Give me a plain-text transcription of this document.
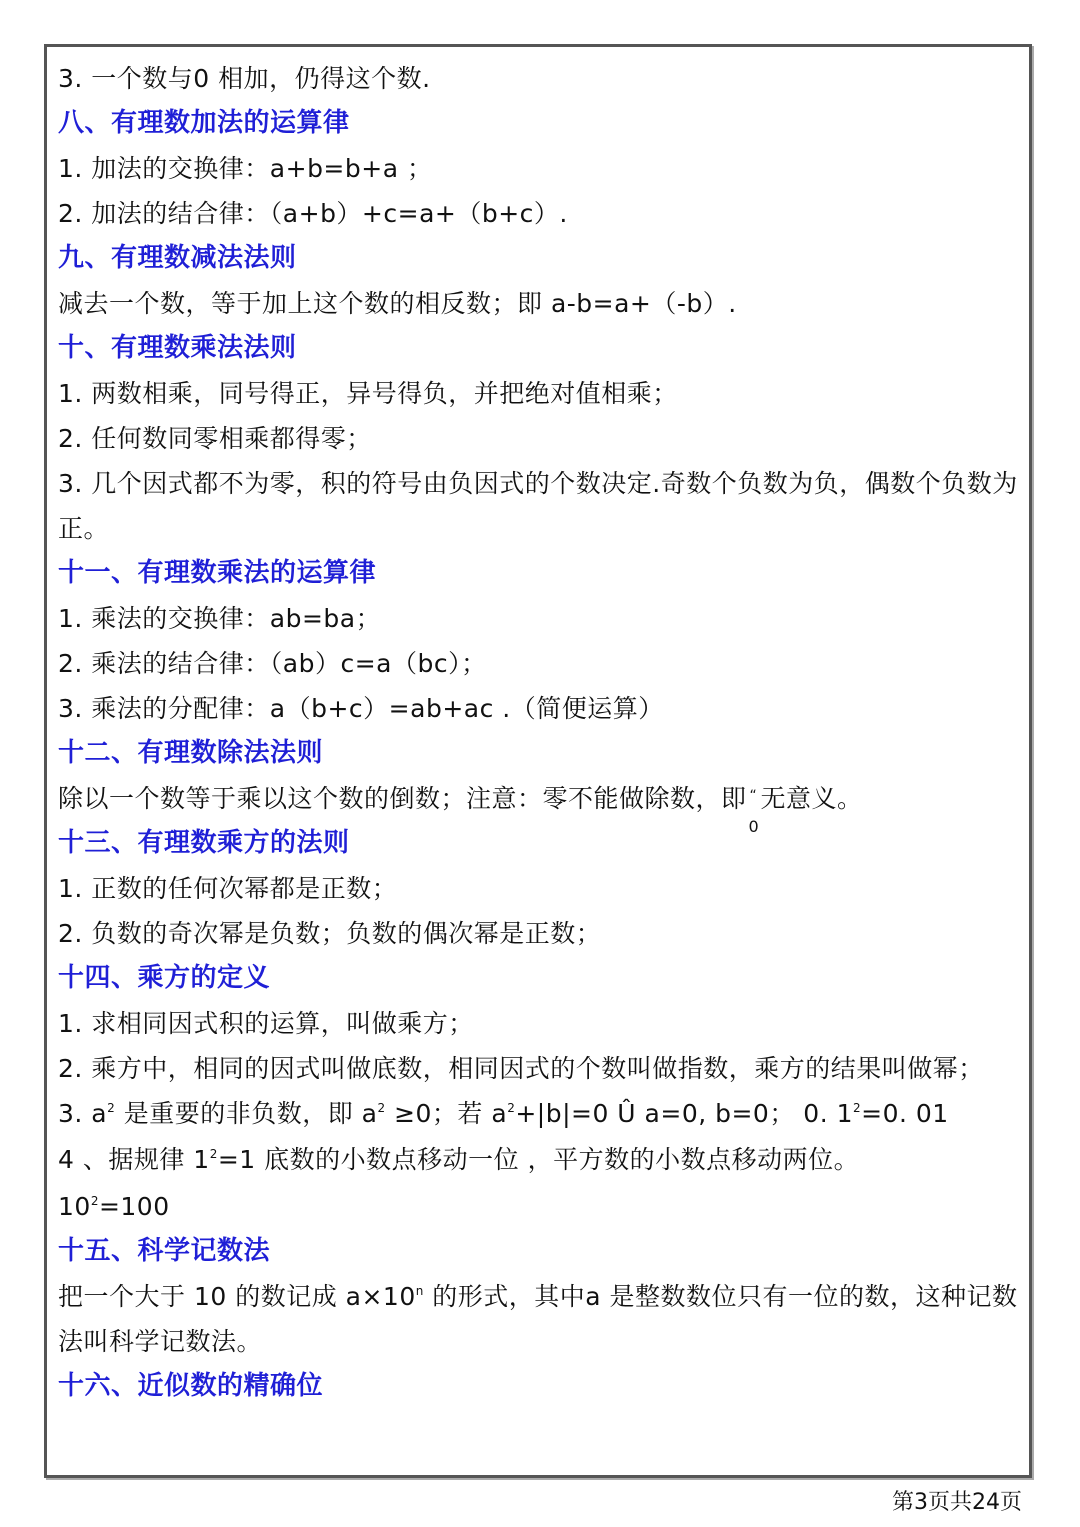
3. 一个数与0 相加，仍得这个数.
八、有理数加法的运算律
1. 加法的交换律：a+b=b+a ；
2. 加法的结合律：（a+b）+c=a+（b+c）.
九、有理数减法法则
减去一个数，等于加上这个数的相反数；即 a-b=a+（-b）.
十、有理数乘法法则
1. 两数相乘，同号得正，异号得负，并把绝对值相乘；
2. 任何数同零相乘都得零；
3. 几个因式都不为零，积的符号由负因式的个数决定.奇数个负数为负，偶数个负数为正。
十一、有理数乘法的运算律
1. 乘法的交换律：ab=ba；
2. 乘法的结合律：（ab）c=a（bc）；
3. 乘法的分配律：a（b+c）=ab+ac .（简便运算）
十二、有理数除法法则
除以一个数等于乘以这个数的倒数；注意：零不能做除数，即 “
0
无意义。
十三、有理数乘方的法则
1. 正数的任何次幂都是正数；
2. 负数的奇次幂是负数；负数的偶次幂是正数；
十四、乘方的定义
1. 求相同因式积的运算，叫做乘方；
2. 乘方中，相同的因式叫做底数，相同因式的个数叫做指数，乘方的结果叫做幂；
3. $a^2$ 是重要的非负数，即 $a^2 \ge 0$；若 $a^2+|b|=0$ Û a=0, b=0； 0. $1^2=0$. 01
4 、据规律 $1^2=1$ 底数的小数点移动一位 ，平方数的小数点移动两位。
$10^2=100$
十五、科学记数法
把一个大于 10 的数记成 $a\times 10^n$ 的形式，其中a 是整数数位只有一位的数，这种记数法叫科学记数法。
十六、近似数的精确位
第3页共24页
